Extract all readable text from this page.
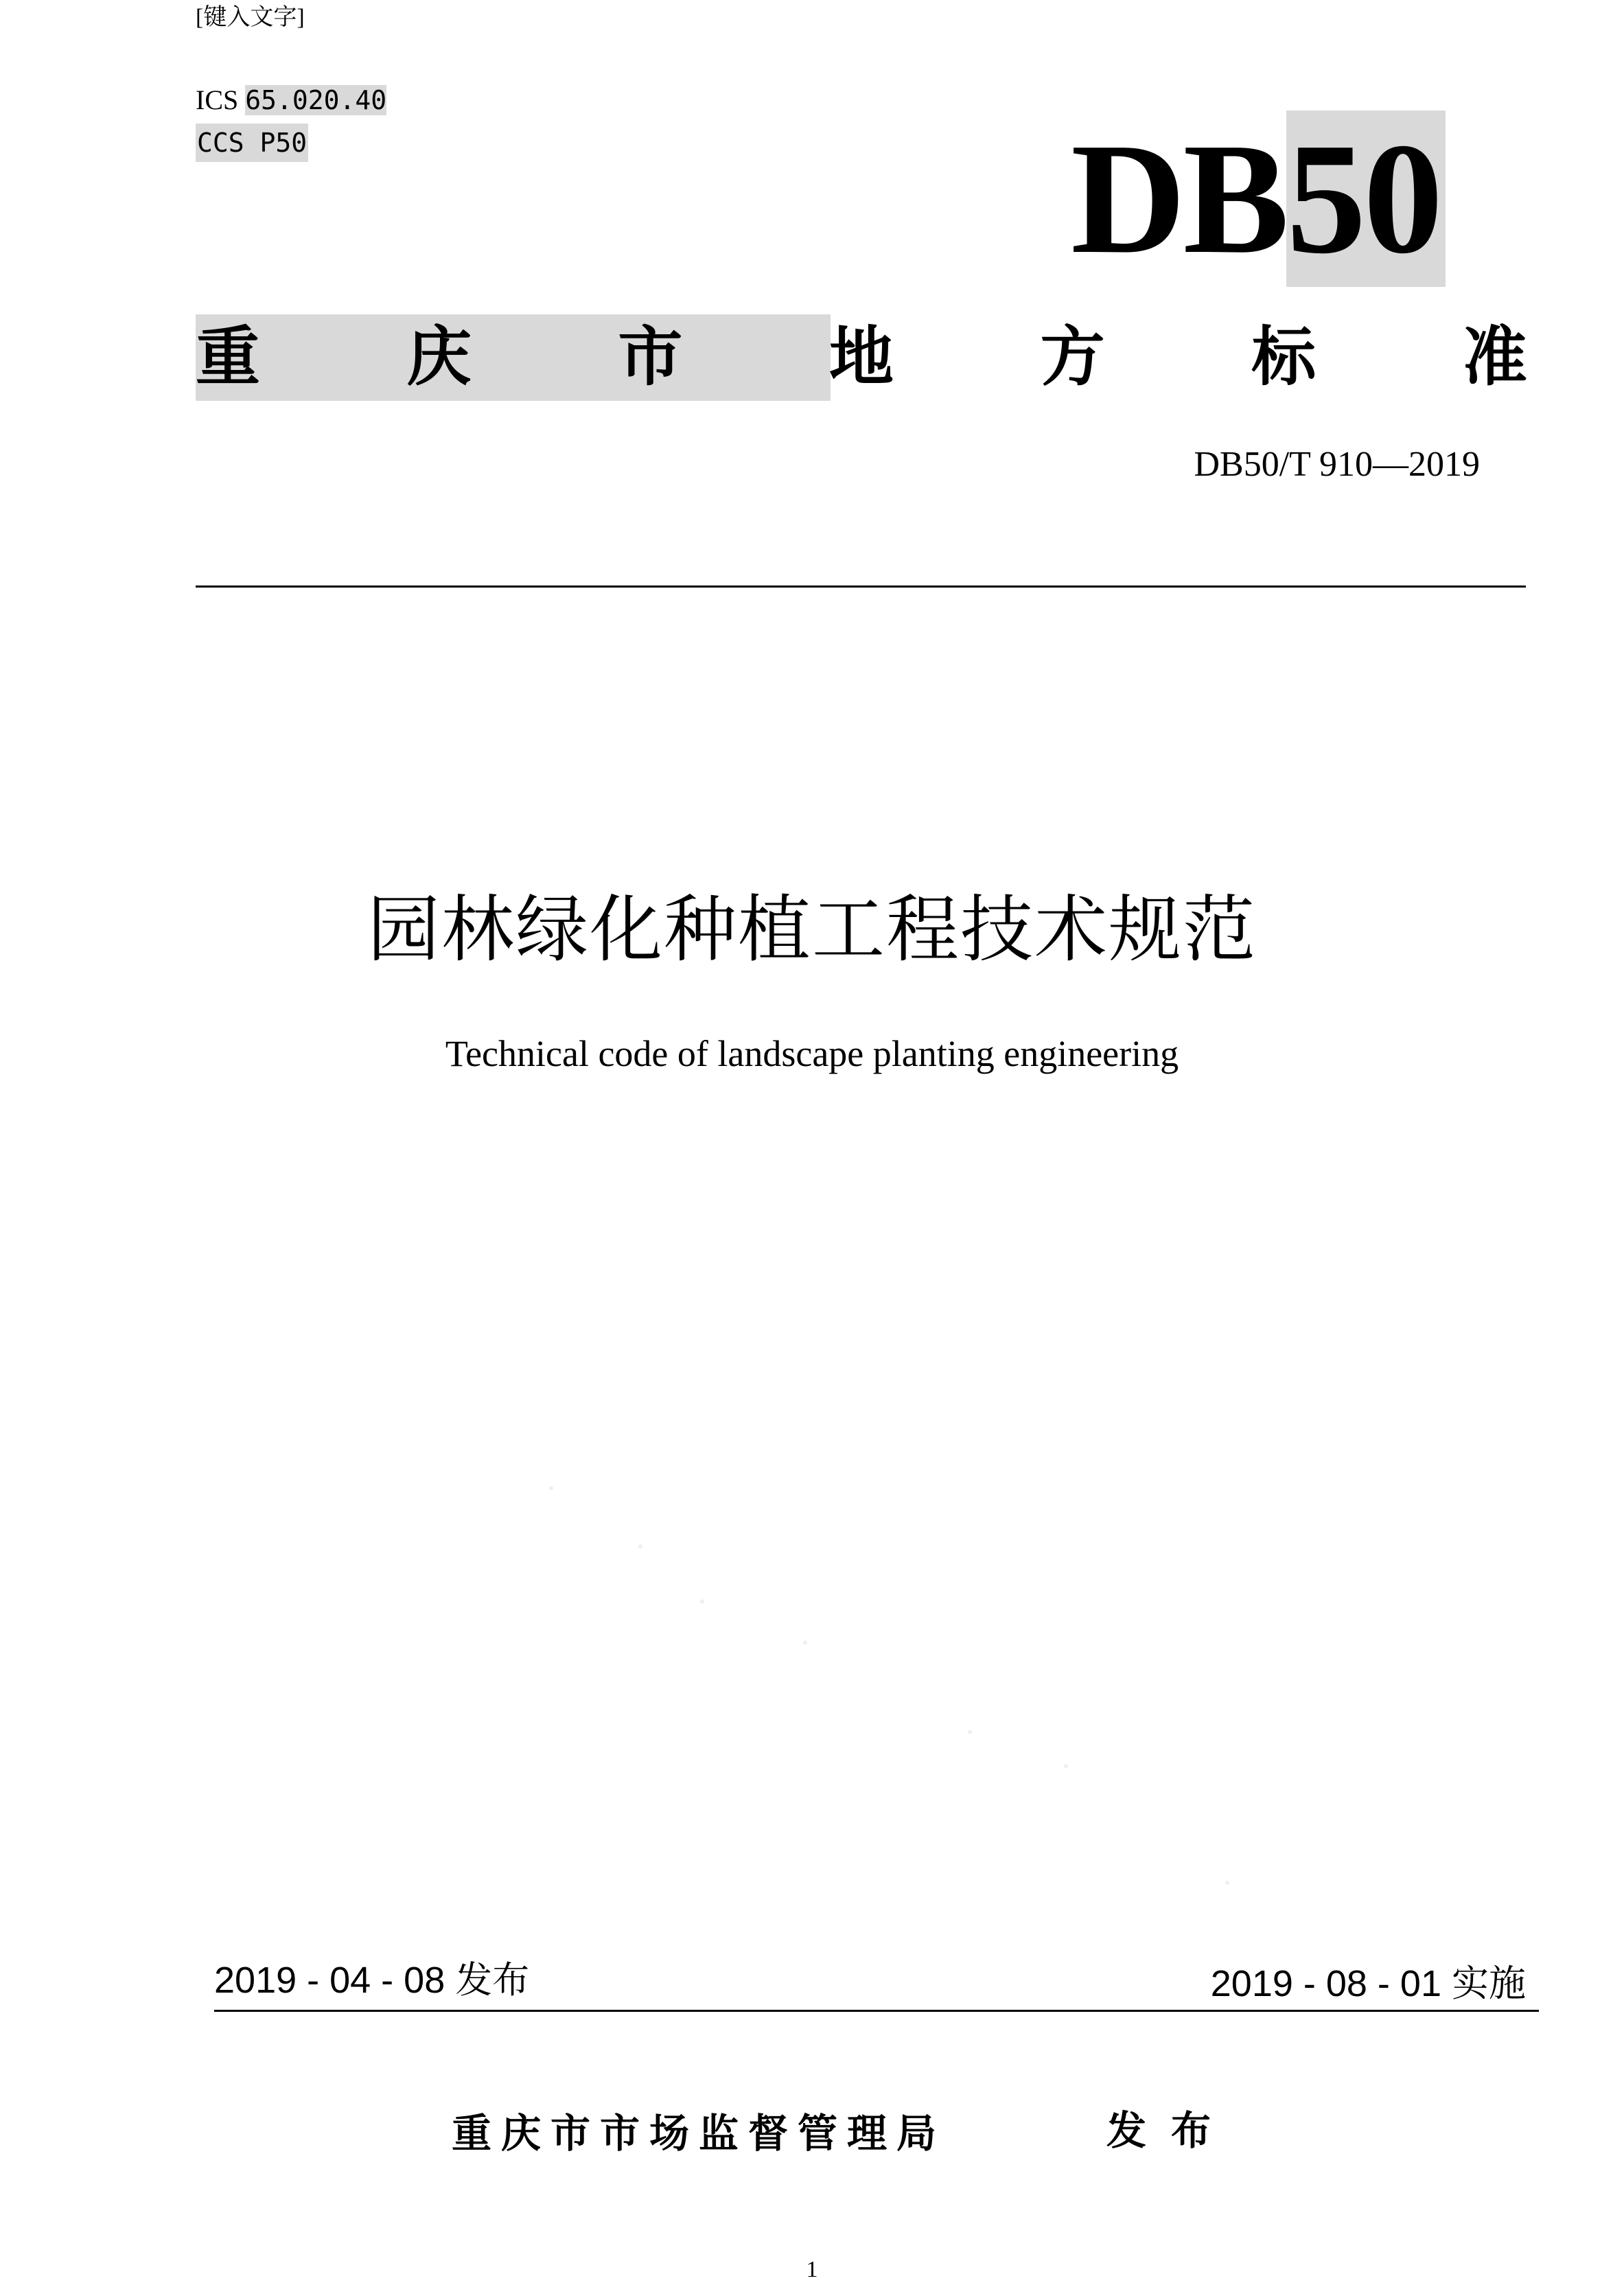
[键入文字]
ICS 65.020.40
CCS P50	DB50
重 庆 市 地 方 标 准
DB50/T 910—2019
园林绿化种植工程技术规范
Technical code of landscape planting engineering
2019 - 04 - 08 发布	2019 - 08 - 01 实施
重庆市市场监督管理局	发布
1
